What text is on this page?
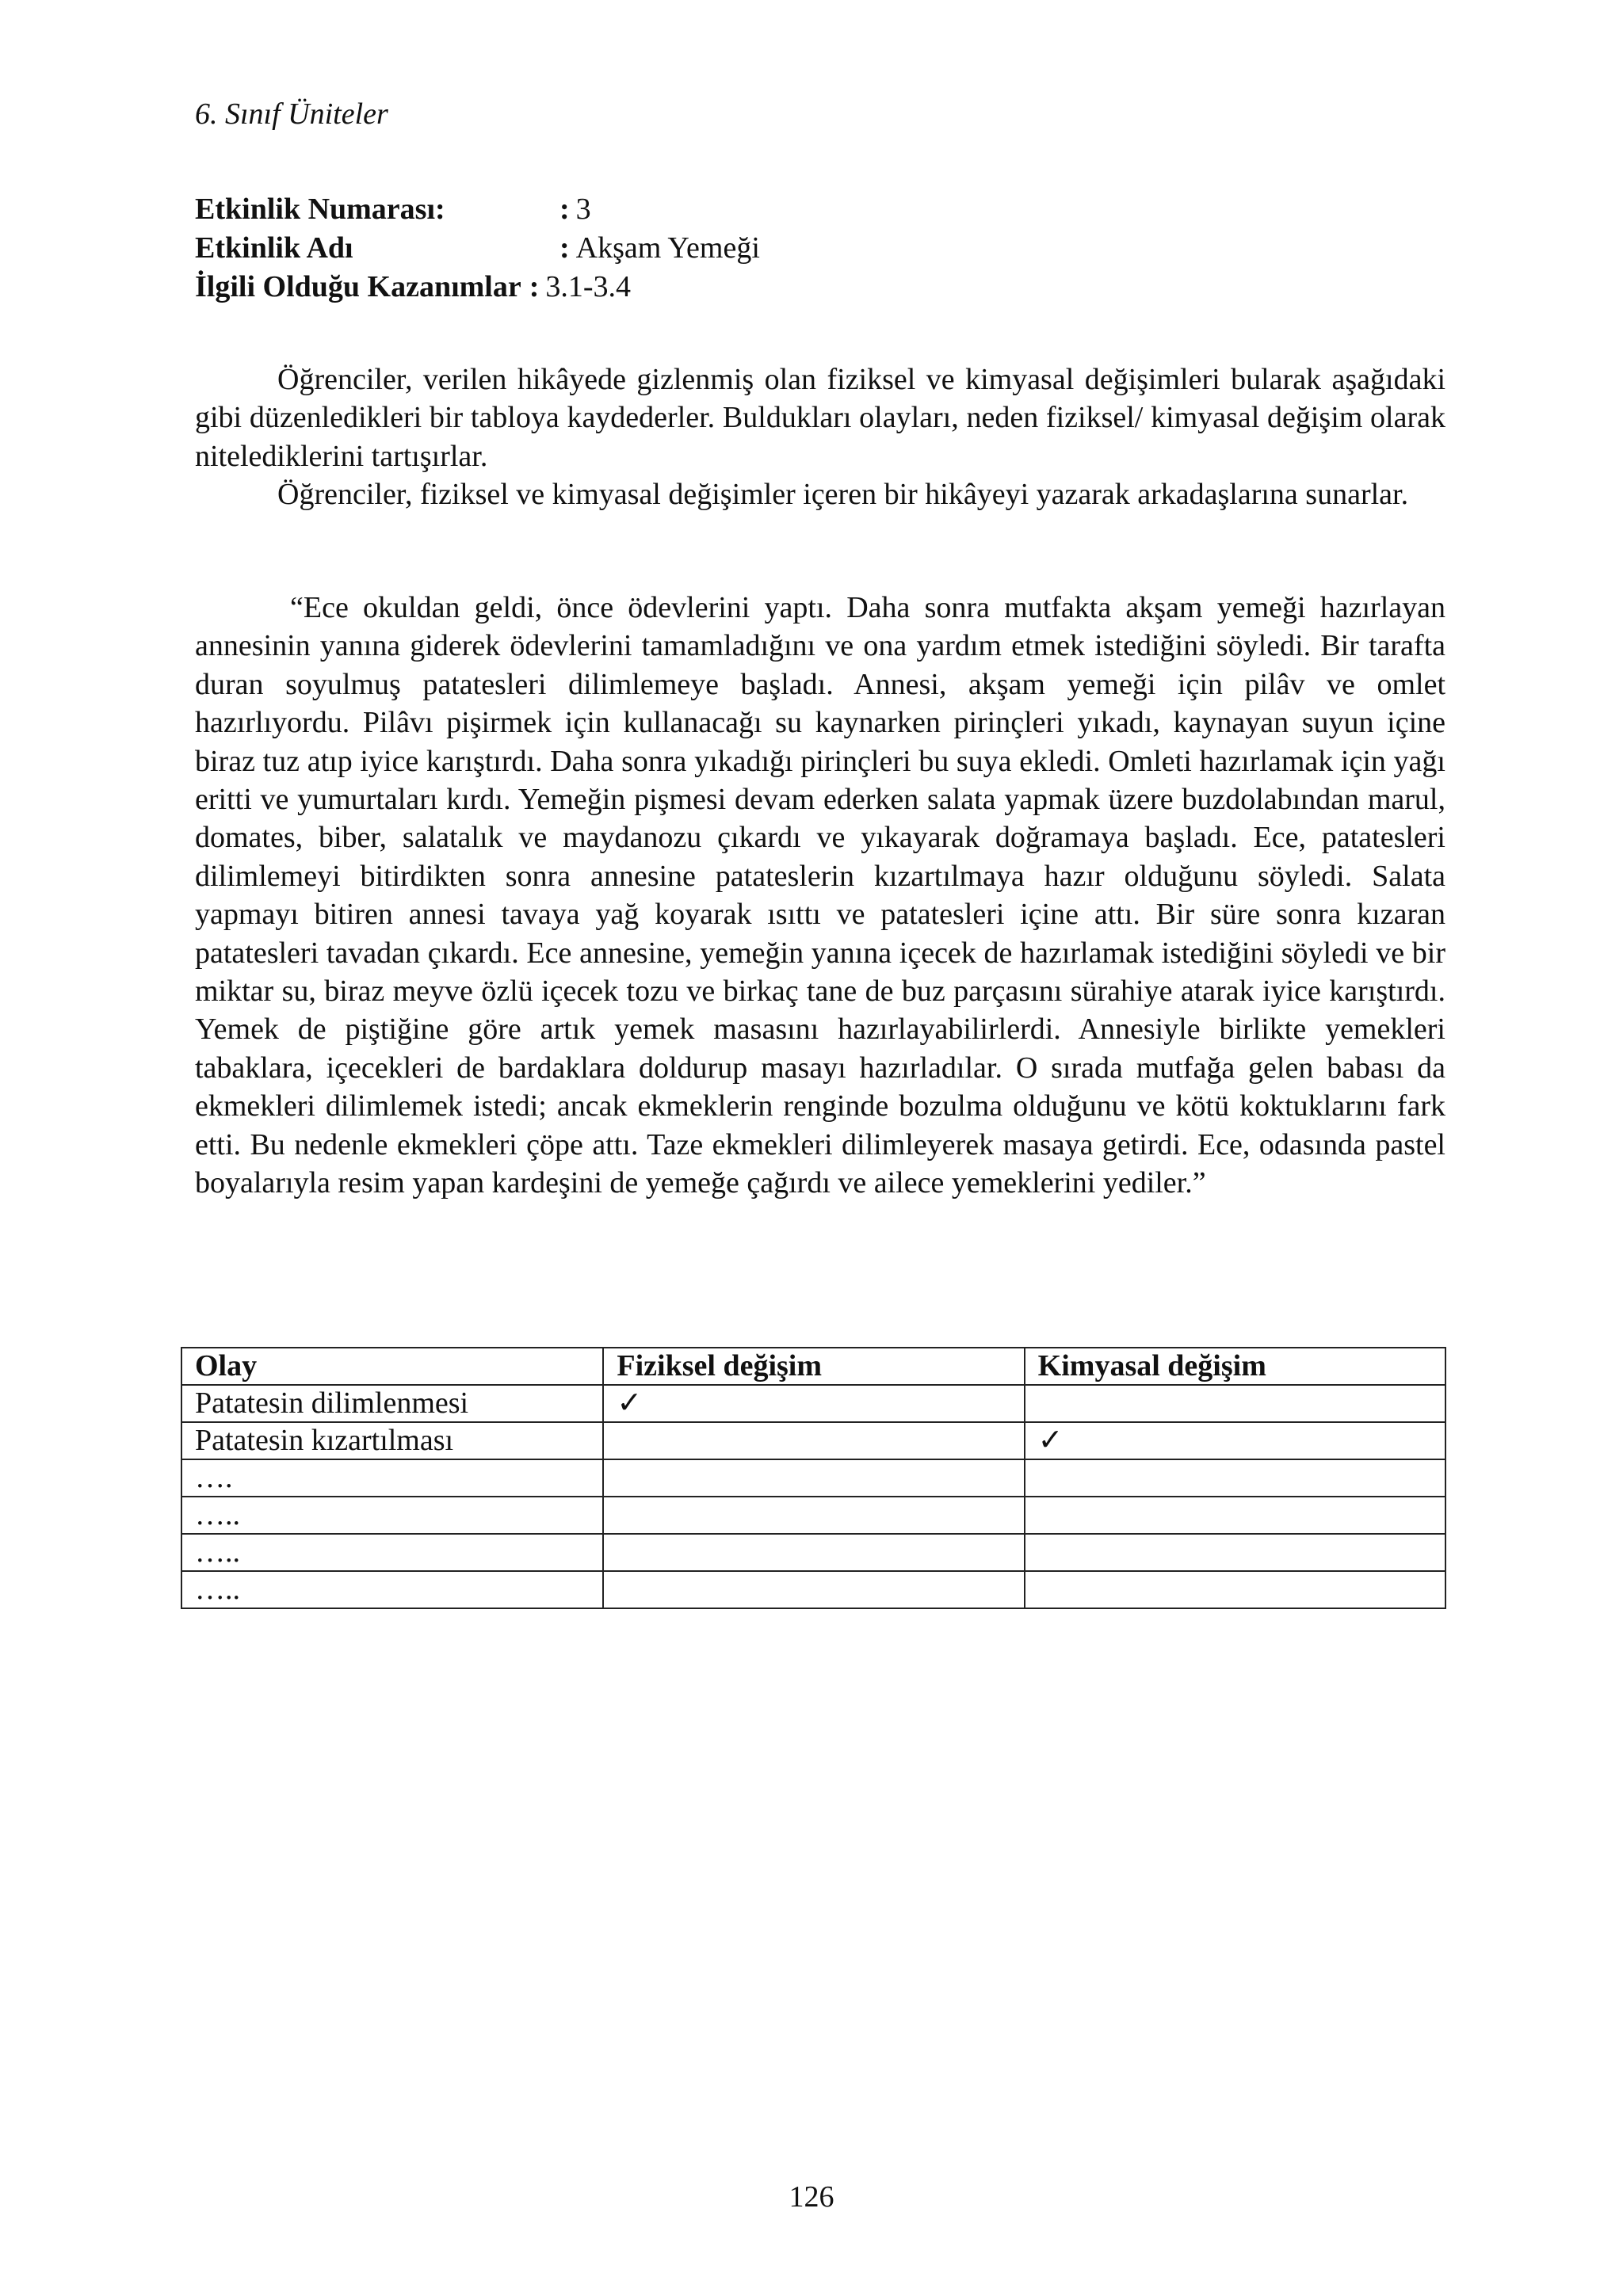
6. Sınıf Üniteler
Etkinlik Numarası:	: 3
Etkinlik Adı	: Akşam Yemeği
İlgili Olduğu Kazanımlar : 3.1-3.4

Öğrenciler, verilen hikâyede gizlenmiş olan fiziksel ve kimyasal değişimleri bularak aşağıdaki gibi düzenledikleri bir tabloya kaydederler. Buldukları olayları, neden fiziksel/ kimyasal değişim olarak nitelediklerini tartışırlar.

Öğrenciler, fiziksel ve kimyasal değişimler içeren bir hikâyeyi yazarak arkadaşlarına sunarlar.

“Ece okuldan geldi, önce ödevlerini yaptı. Daha sonra mutfakta akşam yemeği hazırlayan annesinin yanına giderek ödevlerini tamamladığını ve ona yardım etmek istediğini söyledi. Bir tarafta duran soyulmuş patatesleri dilimlemeye başladı. Annesi, akşam yemeği için pilâv ve omlet hazırlıyordu. Pilâvı pişirmek için kullanacağı su kaynarken pirinçleri yıkadı, kaynayan suyun içine biraz tuz atıp iyice karıştırdı. Daha sonra yıkadığı pirinçleri bu suya ekledi. Omleti hazırlamak için yağı eritti ve yumurtaları kırdı. Yemeğin pişmesi devam ederken salata yapmak üzere buzdolabından marul, domates, biber, salatalık ve maydanozu çıkardı ve yıkayarak doğramaya başladı. Ece, patatesleri dilimlemeyi bitirdikten sonra annesine patateslerin kızartılmaya hazır olduğunu söyledi. Salata yapmayı bitiren annesi tavaya yağ koyarak ısıttı ve patatesleri içine attı. Bir süre sonra kızaran patatesleri tavadan çıkardı. Ece annesine, yemeğin yanına içecek de hazırlamak istediğini söyledi ve bir miktar su, biraz meyve özlü içecek tozu ve birkaç tane de buz parçasını sürahiye atarak iyice karıştırdı. Yemek de piştiğine göre artık yemek masasını hazırlayabilirlerdi. Annesiyle birlikte yemekleri tabaklara, içecekleri de bardaklara doldurup masayı hazırladılar. O sırada mutfağa gelen babası da ekmekleri dilimlemek istedi; ancak ekmeklerin renginde bozulma olduğunu ve kötü koktuklarını fark etti. Bu nedenle ekmekleri çöpe attı. Taze ekmekleri dilimleyerek masaya getirdi. Ece, odasında pastel boyalarıyla resim yapan kardeşini de yemeğe çağırdı ve ailece yemeklerini yediler.”

Olay	Fiziksel değişim	Kimyasal değişim
Patatesin dilimlenmesi	✓	
Patatesin kızartılması		✓
….		
…..		
…..		
…..		
126
